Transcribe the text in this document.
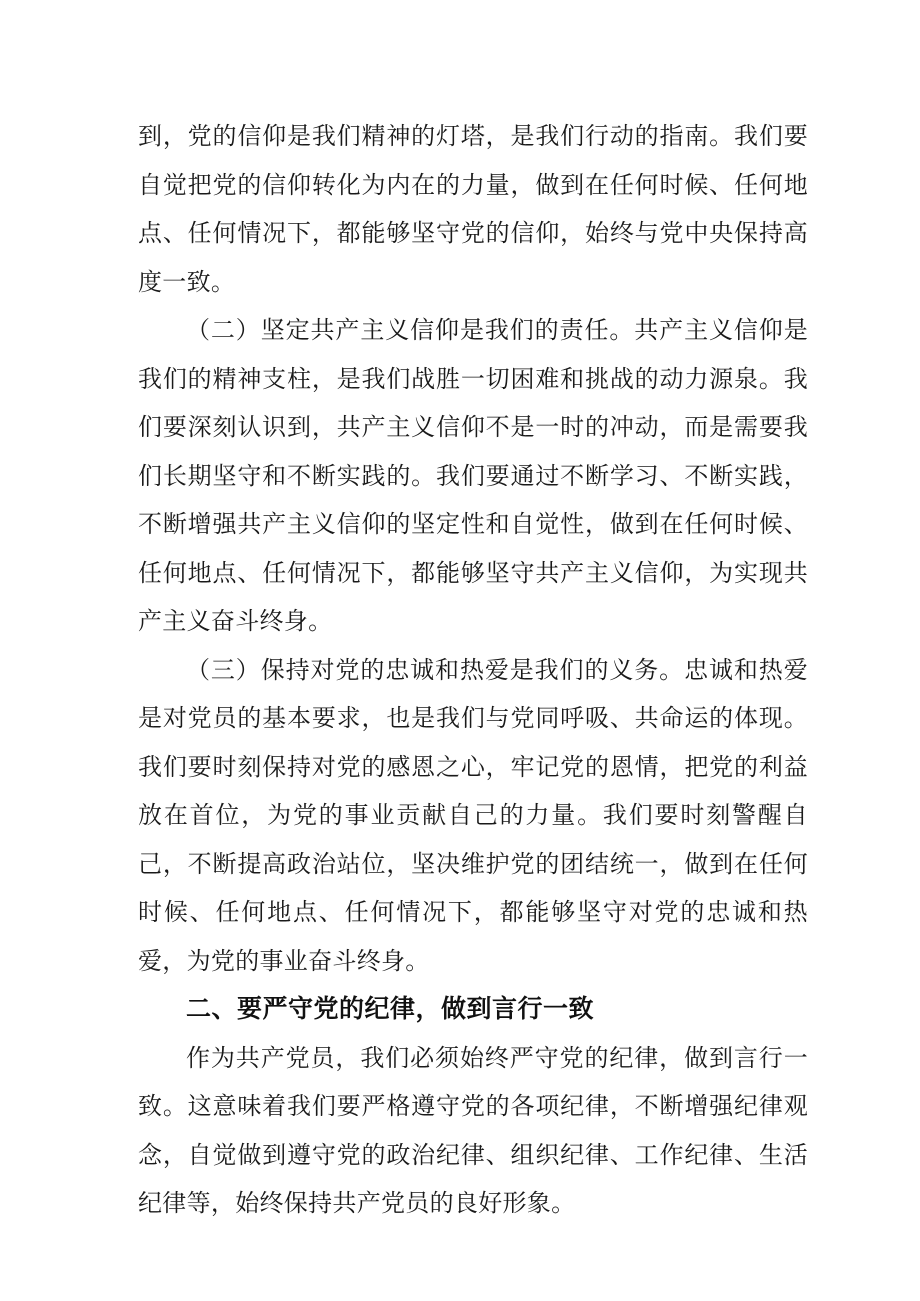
到，党的信仰是我们精神的灯塔，是我们行动的指南。我们要自觉把党的信仰转化为内在的力量，做到在任何时候、任何地点、任何情况下，都能够坚守党的信仰，始终与党中央保持高度一致。

（二）坚定共产主义信仰是我们的责任。共产主义信仰是我们的精神支柱，是我们战胜一切困难和挑战的动力源泉。我们要深刻认识到，共产主义信仰不是一时的冲动，而是需要我们长期坚守和不断实践的。我们要通过不断学习、不断实践，不断增强共产主义信仰的坚定性和自觉性，做到在任何时候、任何地点、任何情况下，都能够坚守共产主义信仰，为实现共产主义奋斗终身。

（三）保持对党的忠诚和热爱是我们的义务。忠诚和热爱是对党员的基本要求，也是我们与党同呼吸、共命运的体现。我们要时刻保持对党的感恩之心，牢记党的恩情，把党的利益放在首位，为党的事业贡献自己的力量。我们要时刻警醒自己，不断提高政治站位，坚决维护党的团结统一，做到在任何时候、任何地点、任何情况下，都能够坚守对党的忠诚和热爱，为党的事业奋斗终身。

二、要严守党的纪律，做到言行一致

作为共产党员，我们必须始终严守党的纪律，做到言行一致。这意味着我们要严格遵守党的各项纪律，不断增强纪律观念，自觉做到遵守党的政治纪律、组织纪律、工作纪律、生活纪律等，始终保持共产党员的良好形象。
